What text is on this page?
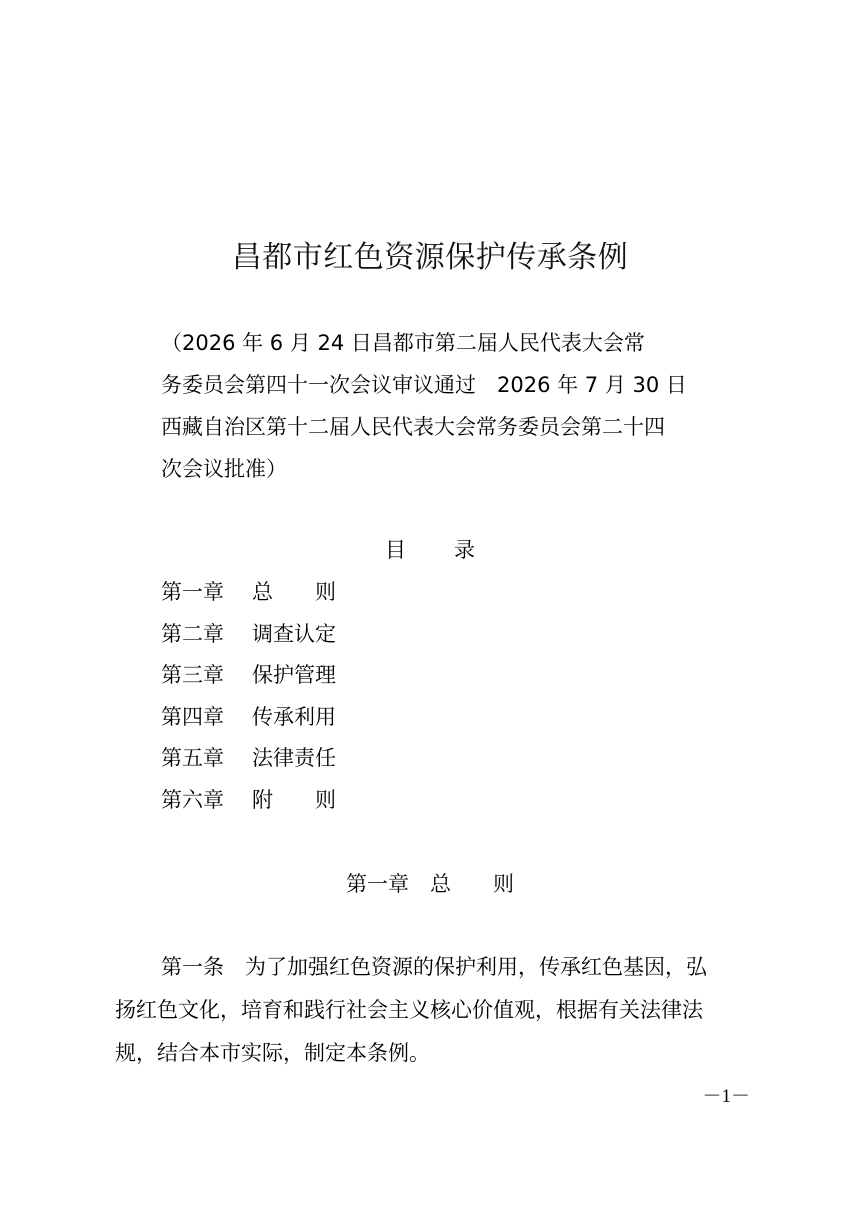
昌都市红色资源保护传承条例
（2026 年 6 月 24 日昌都市第二届人民代表大会常
务委员会第四十一次会议审议通过　2026 年 7 月 30 日
西藏自治区第十二届人民代表大会常务委员会第二十四
次会议批准）
目 录
第一章 总　　则
第二章 调查认定
第三章 保护管理
第四章 传承利用
第五章 法律责任
第六章 附　　则
第一章　总　　则
第一条　为了加强红色资源的保护利用，传承红色基因，弘
扬红色文化，培育和践行社会主义核心价值观，根据有关法律法
规，结合本市实际，制定本条例。
－1－
